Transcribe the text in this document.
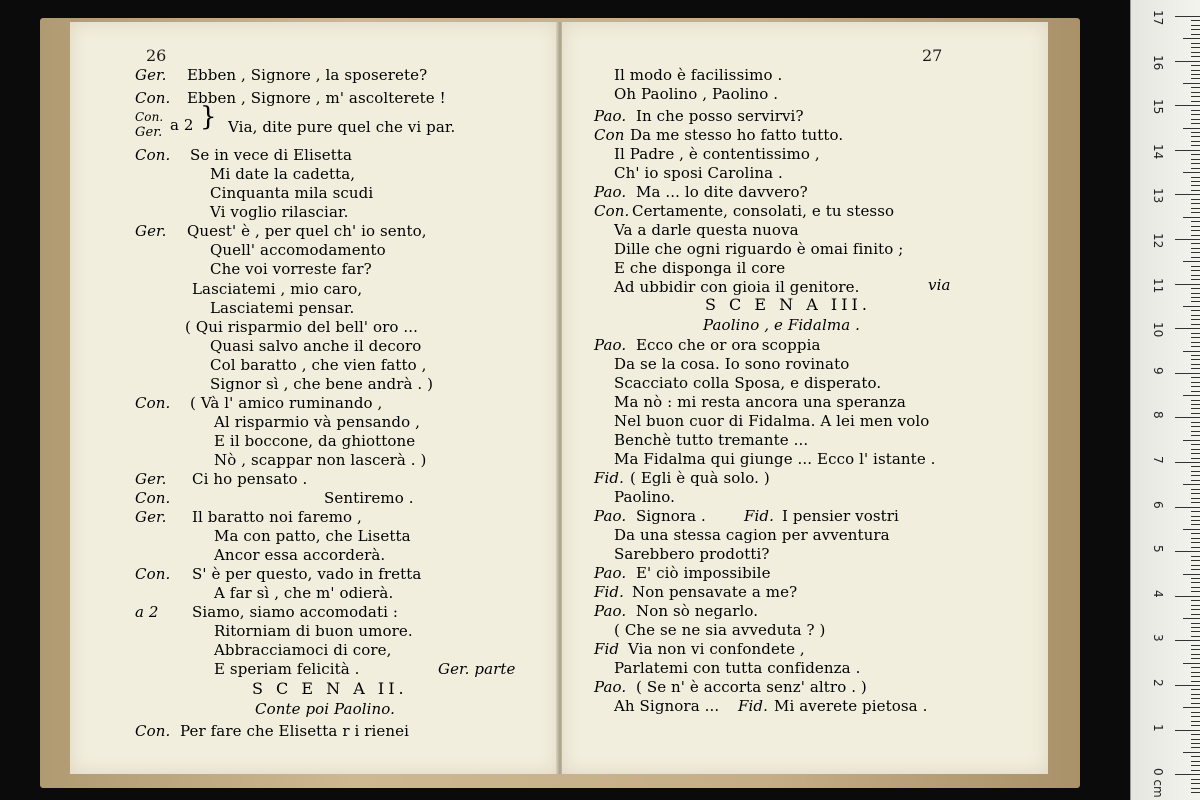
26	27
Ger. Ebben , Signore , la sposerete?
Con. Ebben , Signore , m' ascolterete !
Con.
Ger. a 2 } Via, dite pure quel che vi par.
Con. Se in vece di Elisetta
Mi date la cadetta,
Cinquanta mila scudi
Vi voglio rilasciar.
Ger. Quest' è , per quel ch' io sento,
Quell' accomodamento
Che voi vorreste far?
Lasciatemi , mio caro,
Lasciatemi pensar.
( Qui risparmio del bell' oro ...
Quasi salvo anche il decoro
Col baratto , che vien fatto ,
Signor sì , che bene andrà . )
Con. ( Và l' amico ruminando ,
Al risparmio và pensando ,
E il boccone, da ghiottone
Nò , scappar non lascerà . )
Ger. Ci ho pensato .
Con.	Sentiremo .
Ger. Il baratto noi faremo ,
Ma con patto, che Lisetta
Ancor essa accorderà.
Con. S' è per questo, vado in fretta
A far sì , che m' odierà.
a 2 Siamo, siamo accomodati :
Ritorniam di buon umore.
Abbracciamoci di core,
E speriam felicità .	Ger. parte
S C E N A II.
Conte poi Paolino.
Con. Per fare che Elisetta r i rienei
Il modo è facilissimo .
Oh Paolino , Paolino .
Pao. In che posso servirvi?
Con Da me stesso ho fatto tutto.
Il Padre , è contentissimo ,
Ch' io sposi Carolina .
Pao. Ma ... lo dite davvero?
Con. Certamente, consolati, e tu stesso
Va a darle questa nuova
Dille che ogni riguardo è omai finito ;
E che disponga il core
Ad ubbidir con gioia il genitore.	via
S C E N A III.
Paolino , e Fidalma .
Pao. Ecco che or ora scoppia
Da se la cosa. Io sono rovinato
Scacciato colla Sposa, e disperato.
Ma nò : mi resta ancora una speranza
Nel buon cuor di Fidalma. A lei men volo
Benchè tutto tremante ...
Ma Fidalma qui giunge ... Ecco l' istante .
Fid. ( Egli è quà solo. )
Paolino.
Pao. Signora .	Fid. I pensier vostri
Da una stessa cagion per avventura
Sarebbero prodotti?
Pao. E' ciò impossibile
Fid. Non pensavate a me?
Pao. Non sò negarlo.
( Che se ne sia avveduta ? )
Fid Via non vi confondete ,
Parlatemi con tutta confidenza .
Pao. ( Se n' è accorta senz' altro . )
Ah Signora ... Fid. Mi averete pietosa .
17
16
15
14
13
12
11
10
9
8
7
6
5
4
3
2
1
0 cm
